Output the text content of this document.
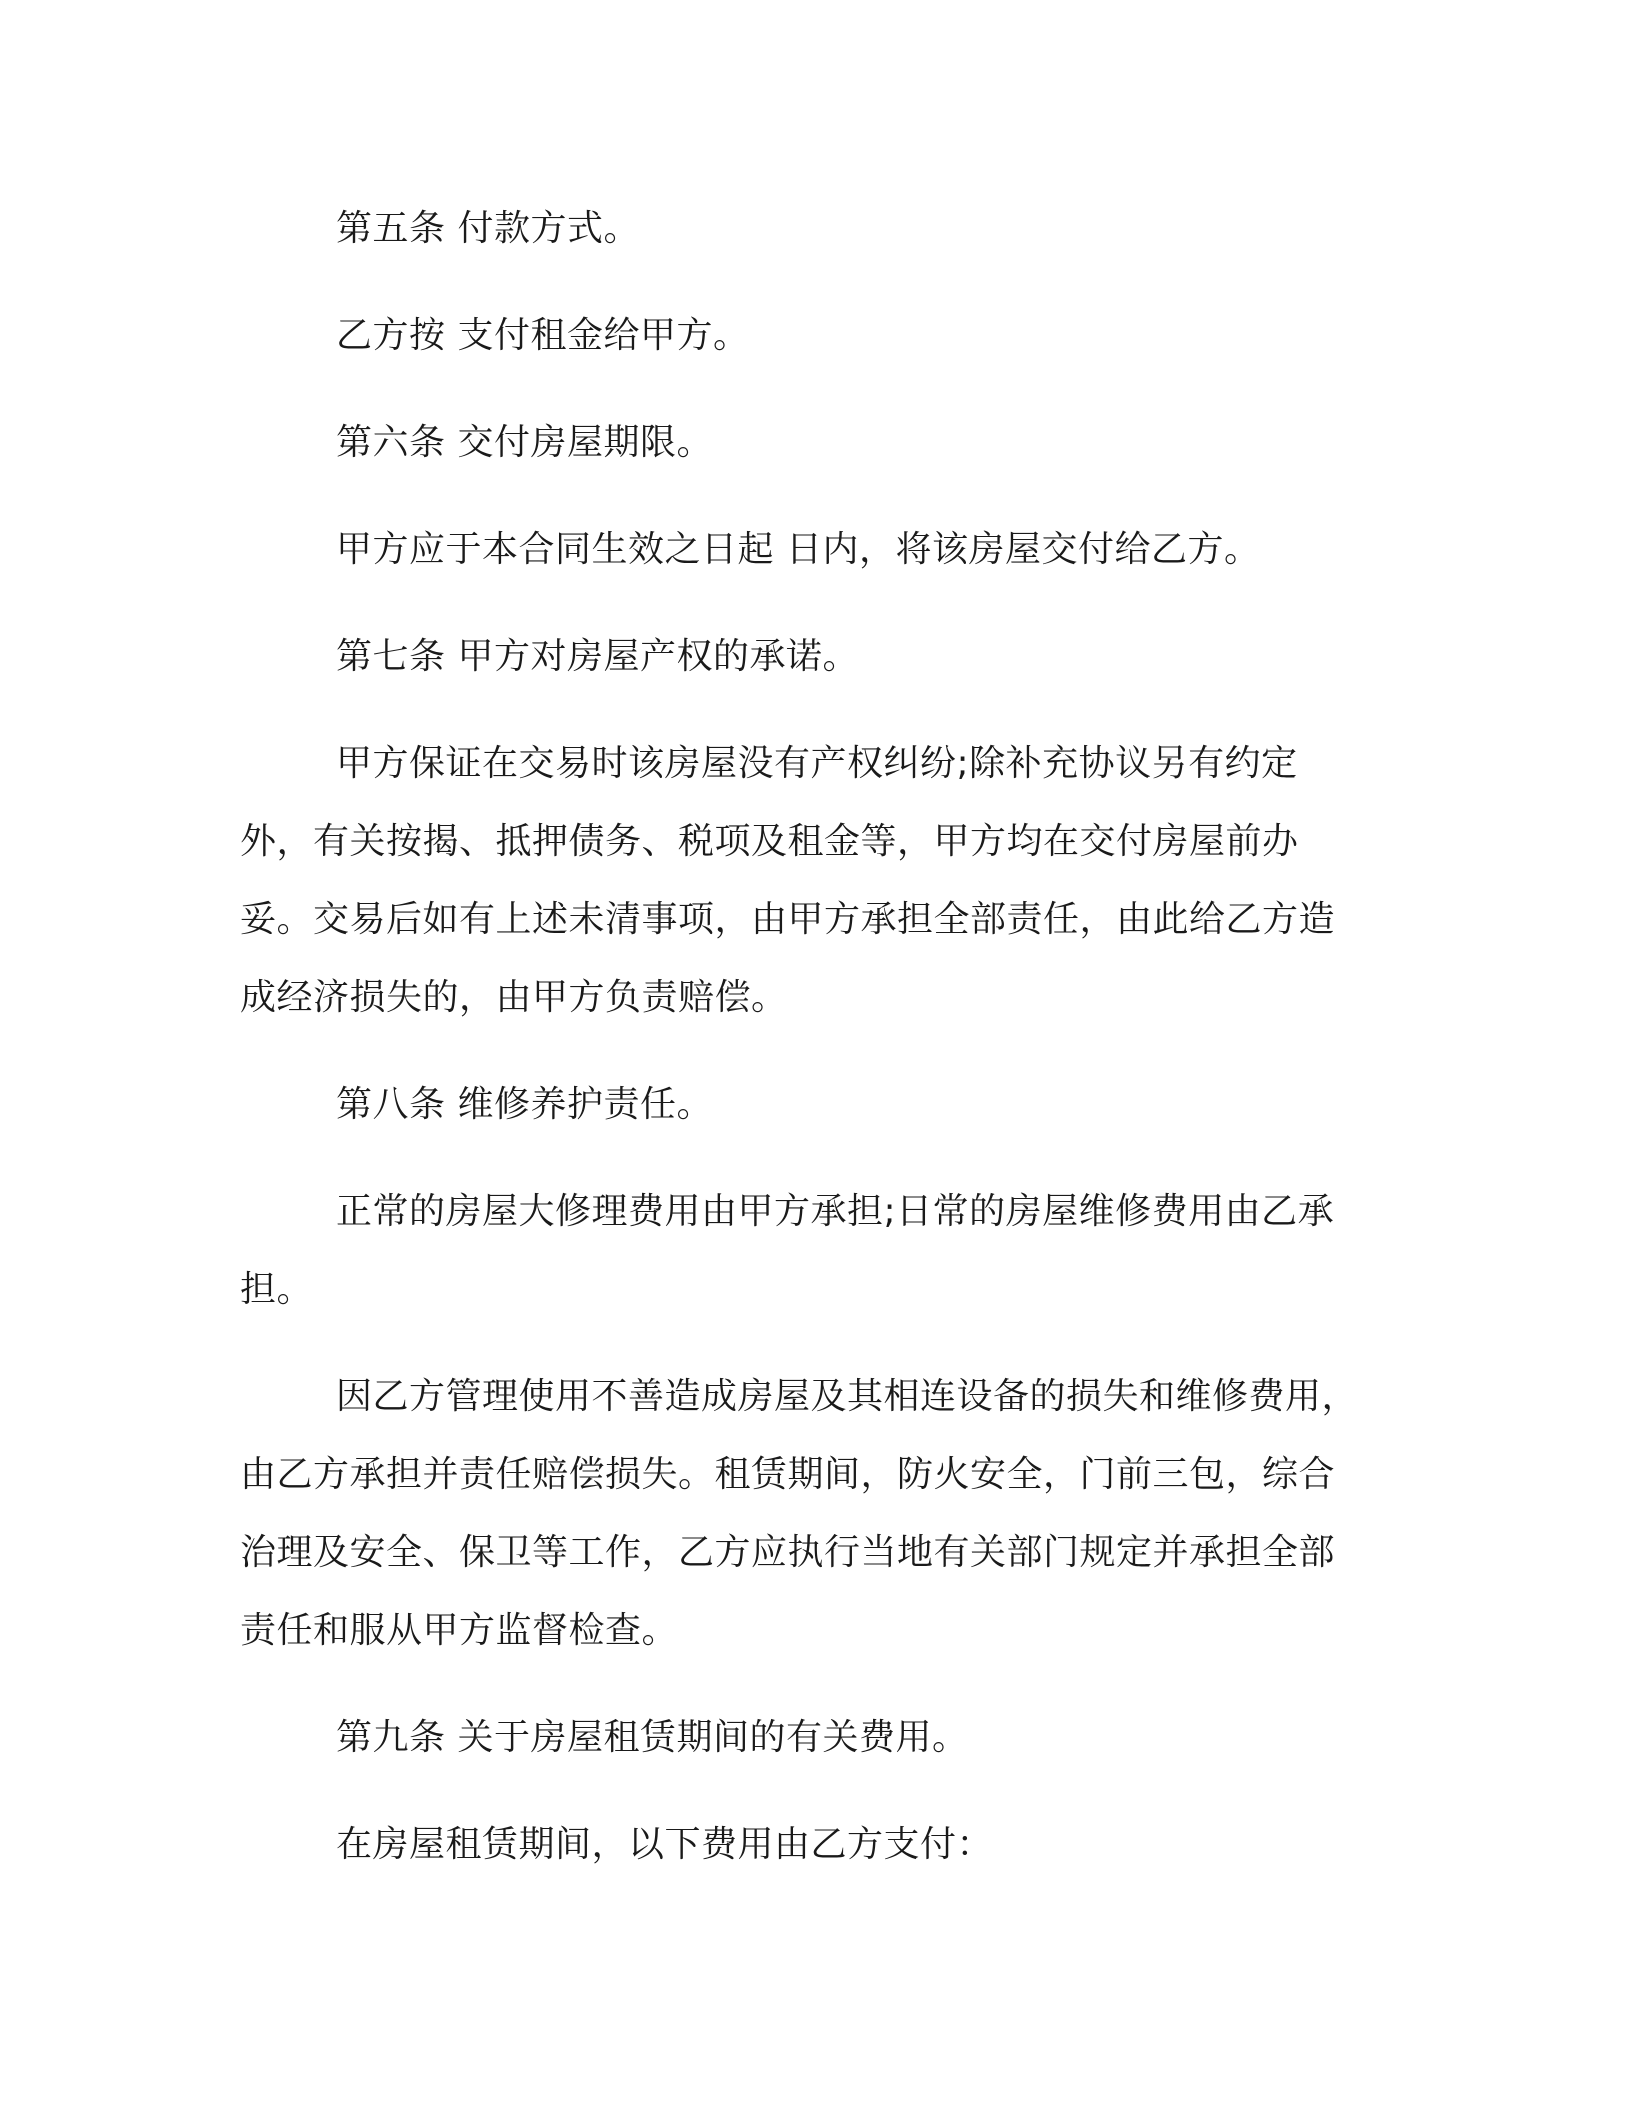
第五条 付款方式。

乙方按 支付租金给甲方。

第六条 交付房屋期限。

甲方应于本合同生效之日起 日内，将该房屋交付给乙方。

第七条 甲方对房屋产权的承诺。

甲方保证在交易时该房屋没有产权纠纷;除补充协议另有约定外，有关按揭、抵押债务、税项及租金等，甲方均在交付房屋前办妥。交易后如有上述未清事项，由甲方承担全部责任，由此给乙方造成经济损失的，由甲方负责赔偿。

第八条 维修养护责任。

正常的房屋大修理费用由甲方承担;日常的房屋维修费用由乙承担。

因乙方管理使用不善造成房屋及其相连设备的损失和维修费用，由乙方承担并责任赔偿损失。租赁期间，防火安全，门前三包，综合治理及安全、保卫等工作，乙方应执行当地有关部门规定并承担全部责任和服从甲方监督检查。

第九条 关于房屋租赁期间的有关费用。

在房屋租赁期间，以下费用由乙方支付：
